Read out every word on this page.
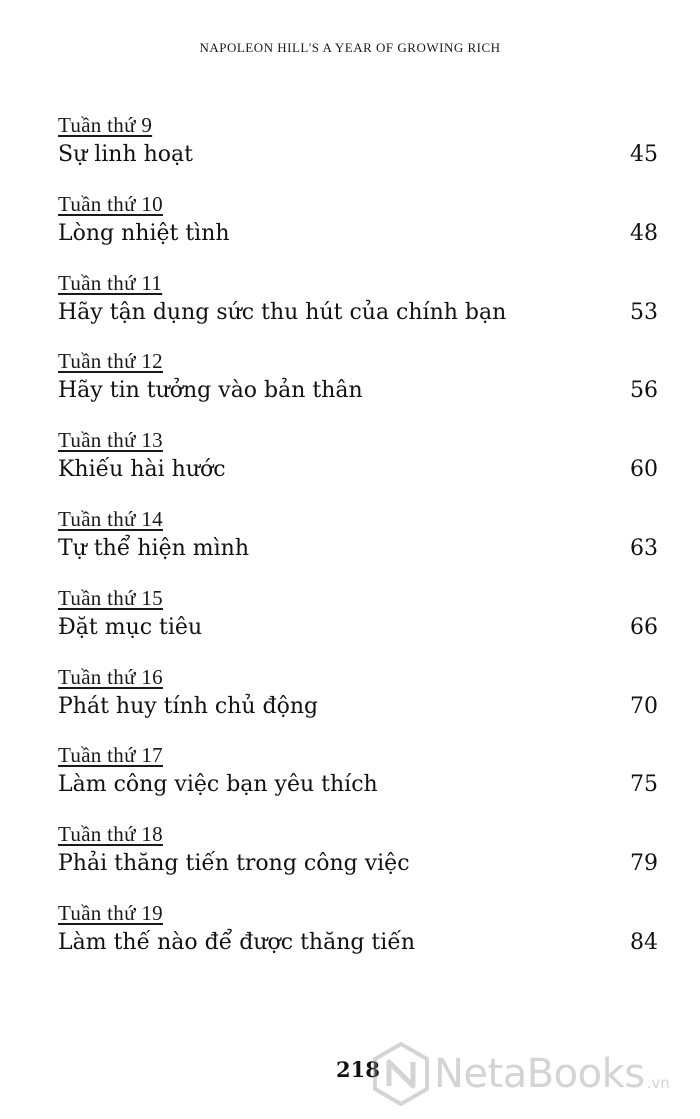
NAPOLEON HILL'S A YEAR OF GROWING RICH
Tuần thứ 9
Sự linh hoạt	45
Tuần thứ 10
Lòng nhiệt tình	48
Tuần thứ 11
Hãy tận dụng sức thu hút của chính bạn	53
Tuần thứ 12
Hãy tin tưởng vào bản thân	56
Tuần thứ 13
Khiếu hài hước	60
Tuần thứ 14
Tự thể hiện mình	63
Tuần thứ 15
Đặt mục tiêu	66
Tuần thứ 16
Phát huy tính chủ động	70
Tuần thứ 17
Làm công việc bạn yêu thích	75
Tuần thứ 18
Phải thăng tiến trong công việc	79
Tuần thứ 19
Làm thế nào để được thăng tiến	84
218 NetaBooks .vn
